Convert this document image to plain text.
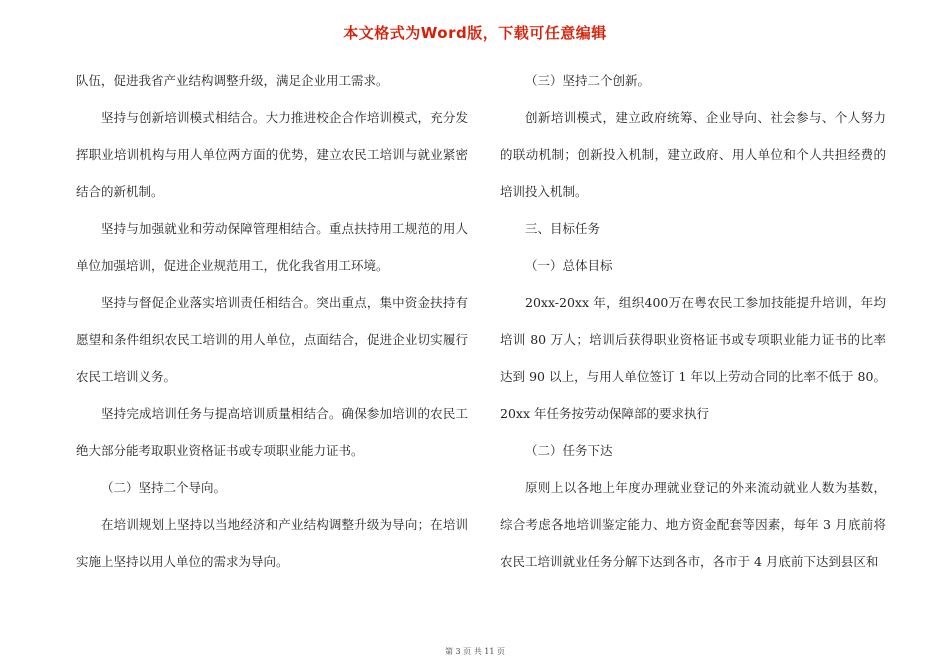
本文格式为Word版，下载可任意编辑

队伍，促进我省产业结构调整升级，满足企业用工需求。

坚持与创新培训模式相结合。大力推进校企合作培训模式，充分发挥职业培训机构与用人单位两方面的优势，建立农民工培训与就业紧密结合的新机制。

坚持与加强就业和劳动保障管理相结合。重点扶持用工规范的用人单位加强培训，促进企业规范用工，优化我省用工环境。

坚持与督促企业落实培训责任相结合。突出重点，集中资金扶持有愿望和条件组织农民工培训的用人单位，点面结合，促进企业切实履行农民工培训义务。

坚持完成培训任务与提高培训质量相结合。确保参加培训的农民工绝大部分能考取职业资格证书或专项职业能力证书。

（二）坚持二个导向。

在培训规划上坚持以当地经济和产业结构调整升级为导向；在培训实施上坚持以用人单位的需求为导向。

（三）坚持二个创新。

创新培训模式，建立政府统筹、企业导向、社会参与、个人努力的联动机制；创新投入机制，建立政府、用人单位和个人共担经费的培训投入机制。

三、目标任务

（一）总体目标

20xx-20xx 年，组织400万在粤农民工参加技能提升培训，年均培训 80 万人；培训后获得职业资格证书或专项职业能力证书的比率达到 90 以上，与用人单位签订 1 年以上劳动合同的比率不低于 80。20xx 年任务按劳动保障部的要求执行

（二）任务下达

原则上以各地上年度办理就业登记的外来流动就业人数为基数，综合考虑各地培训鉴定能力、地方资金配套等因素，每年 3 月底前将农民工培训就业任务分解下达到各市，各市于 4 月底前下达到县区和

第 3 页 共 11 页
